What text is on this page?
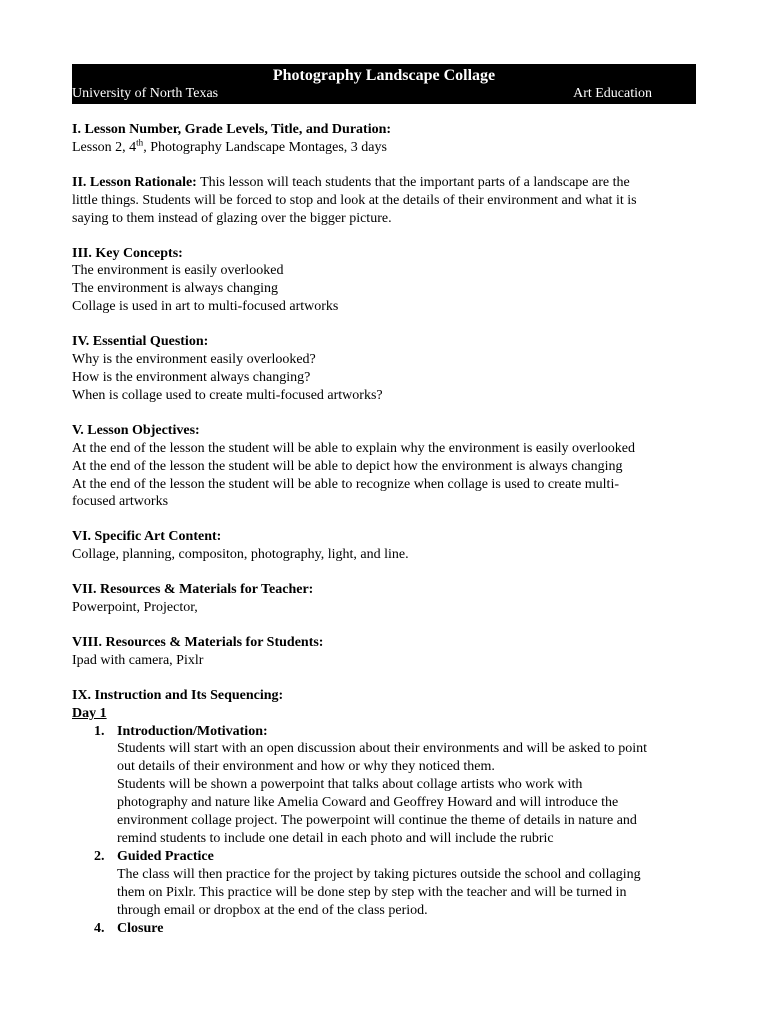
Photography Landscape Collage
University of North Texas	Art Education
I. Lesson Number, Grade Levels, Title, and Duration:
Lesson 2, 4th, Photography Landscape Montages, 3 days
II. Lesson Rationale: This lesson will teach students that the important parts of a landscape are the
little things. Students will be forced to stop and look at the details of their environment and what it is
saying to them instead of glazing over the bigger picture.
III. Key Concepts:
The environment is easily overlooked
The environment is always changing
Collage is used in art to multi-focused artworks
IV. Essential Question:
Why is the environment easily overlooked?
How is the environment always changing?
When is collage used to create multi-focused artworks?
V. Lesson Objectives:
At the end of the lesson the student will be able to explain why the environment is easily overlooked
At the end of the lesson the student will be able to depict how the environment is always changing
At the end of the lesson the student will be able to recognize when collage is used to create multi-
focused artworks
VI. Specific Art Content:
Collage, planning, compositon, photography, light, and line.
VII. Resources & Materials for Teacher:
Powerpoint, Projector,
VIII. Resources & Materials for Students:
Ipad with camera, Pixlr
IX. Instruction and Its Sequencing:
Day 1
1. Introduction/Motivation:
Students will start with an open discussion about their environments and will be asked to point
out details of their environment and how or why they noticed them.
Students will be shown a powerpoint that talks about collage artists who work with
photography and nature like Amelia Coward and Geoffrey Howard and will introduce the
environment collage project. The powerpoint will continue the theme of details in nature and
remind students to include one detail in each photo and will include the rubric
2. Guided Practice
The class will then practice for the project by taking pictures outside the school and collaging
them on Pixlr. This practice will be done step by step with the teacher and will be turned in
through email or dropbox at the end of the class period.
4. Closure
